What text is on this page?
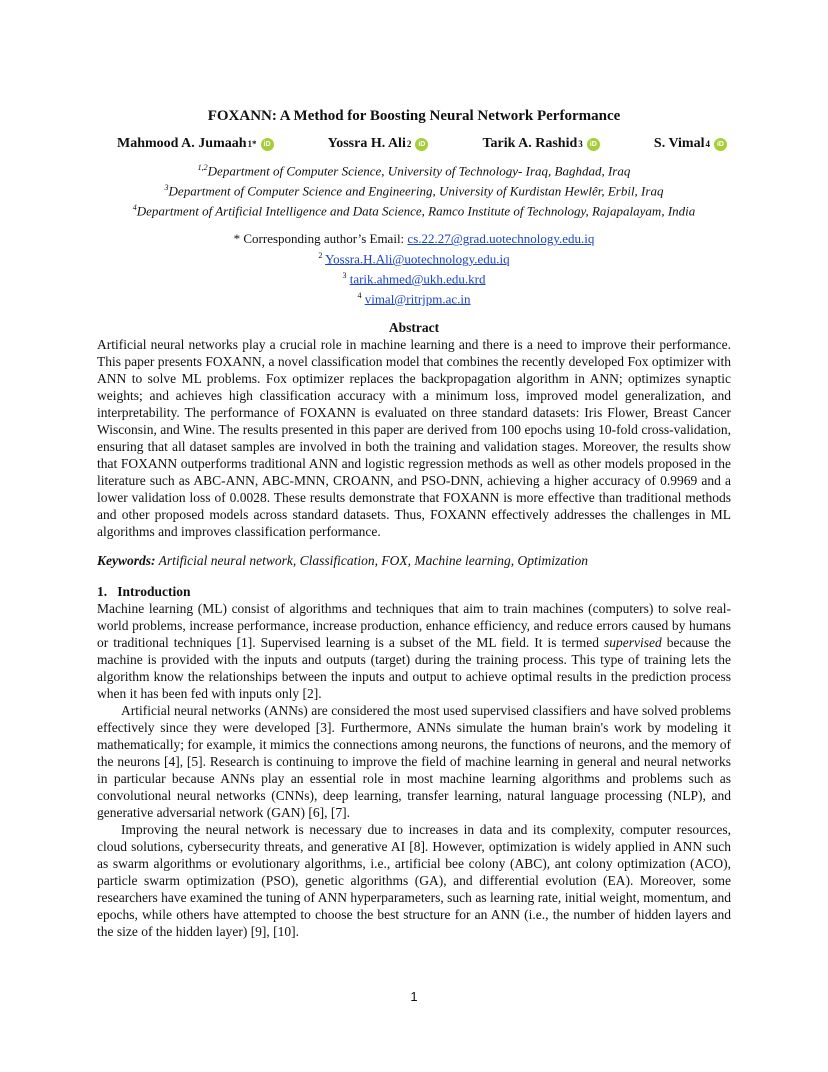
FOXANN: A Method for Boosting Neural Network Performance
Mahmood A. Jumaah 1*	iD	Yossra H. Ali 2	iD	Tarik A. Rashid 3	iD	S. Vimal 4	iD
$^{1,2}$Department of Computer Science, University of Technology- Iraq, Baghdad, Iraq
$^3$Department of Computer Science and Engineering, University of Kurdistan Hewlêr, Erbil, Iraq
$^4$Department of Artificial Intelligence and Data Science, Ramco Institute of Technology, Rajapalayam, India
* Corresponding author’s Email: cs.22.27@grad.uotechnology.edu.iq
$^2$ Yossra.H.Ali@uotechnology.edu.iq
$^3$ tarik.ahmed@ukh.edu.krd
$^4$ vimal@ritrjpm.ac.in
Abstract

Artificial neural networks play a crucial role in machine learning and there is a need to improve their performance. This paper presents FOXANN, a novel classification model that combines the recently developed Fox optimizer with ANN to solve ML problems. Fox optimizer replaces the backpropagation algorithm in ANN; optimizes synaptic weights; and achieves high classification accuracy with a minimum loss, improved model generalization, and interpretability. The performance of FOXANN is evaluated on three standard datasets: Iris Flower, Breast Cancer Wisconsin, and Wine. The results presented in this paper are derived from 100 epochs using 10-fold cross-validation, ensuring that all dataset samples are involved in both the training and validation stages. Moreover, the results show that FOXANN outperforms traditional ANN and logistic regression methods as well as other models proposed in the literature such as ABC-ANN, ABC-MNN, CROANN, and PSO-DNN, achieving a higher accuracy of 0.9969 and a lower validation loss of 0.0028. These results demonstrate that FOXANN is more effective than traditional methods and other proposed models across standard datasets. Thus, FOXANN effectively addresses the challenges in ML algorithms and improves classification performance.

Keywords: Artificial neural network, Classification, FOX, Machine learning, Optimization

1.   Introduction

Machine learning (ML) consist of algorithms and techniques that aim to train machines (computers) to solve real-world problems, increase performance, increase production, enhance efficiency, and reduce errors caused by humans or traditional techniques [1]. Supervised learning is a subset of the ML field. It is termed supervised because the machine is provided with the inputs and outputs (target) during the training process. This type of training lets the algorithm know the relationships between the inputs and output to achieve optimal results in the prediction process when it has been fed with inputs only [2].

Artificial neural networks (ANNs) are considered the most used supervised classifiers and have solved problems effectively since they were developed [3]. Furthermore, ANNs simulate the human brain's work by modeling it mathematically; for example, it mimics the connections among neurons, the functions of neurons, and the memory of the neurons [4], [5]. Research is continuing to improve the field of machine learning in general and neural networks in particular because ANNs play an essential role in most machine learning algorithms and problems such as convolutional neural networks (CNNs), deep learning, transfer learning, natural language processing (NLP), and generative adversarial network (GAN) [6], [7].

Improving the neural network is necessary due to increases in data and its complexity, computer resources, cloud solutions, cybersecurity threats, and generative AI [8]. However, optimization is widely applied in ANN such as swarm algorithms or evolutionary algorithms, i.e., artificial bee colony (ABC), ant colony optimization (ACO), particle swarm optimization (PSO), genetic algorithms (GA), and differential evolution (EA). Moreover, some researchers have examined the tuning of ANN hyperparameters, such as learning rate, initial weight, momentum, and epochs, while others have attempted to choose the best structure for an ANN (i.e., the number of hidden layers and the size of the hidden layer) [9], [10].

1
